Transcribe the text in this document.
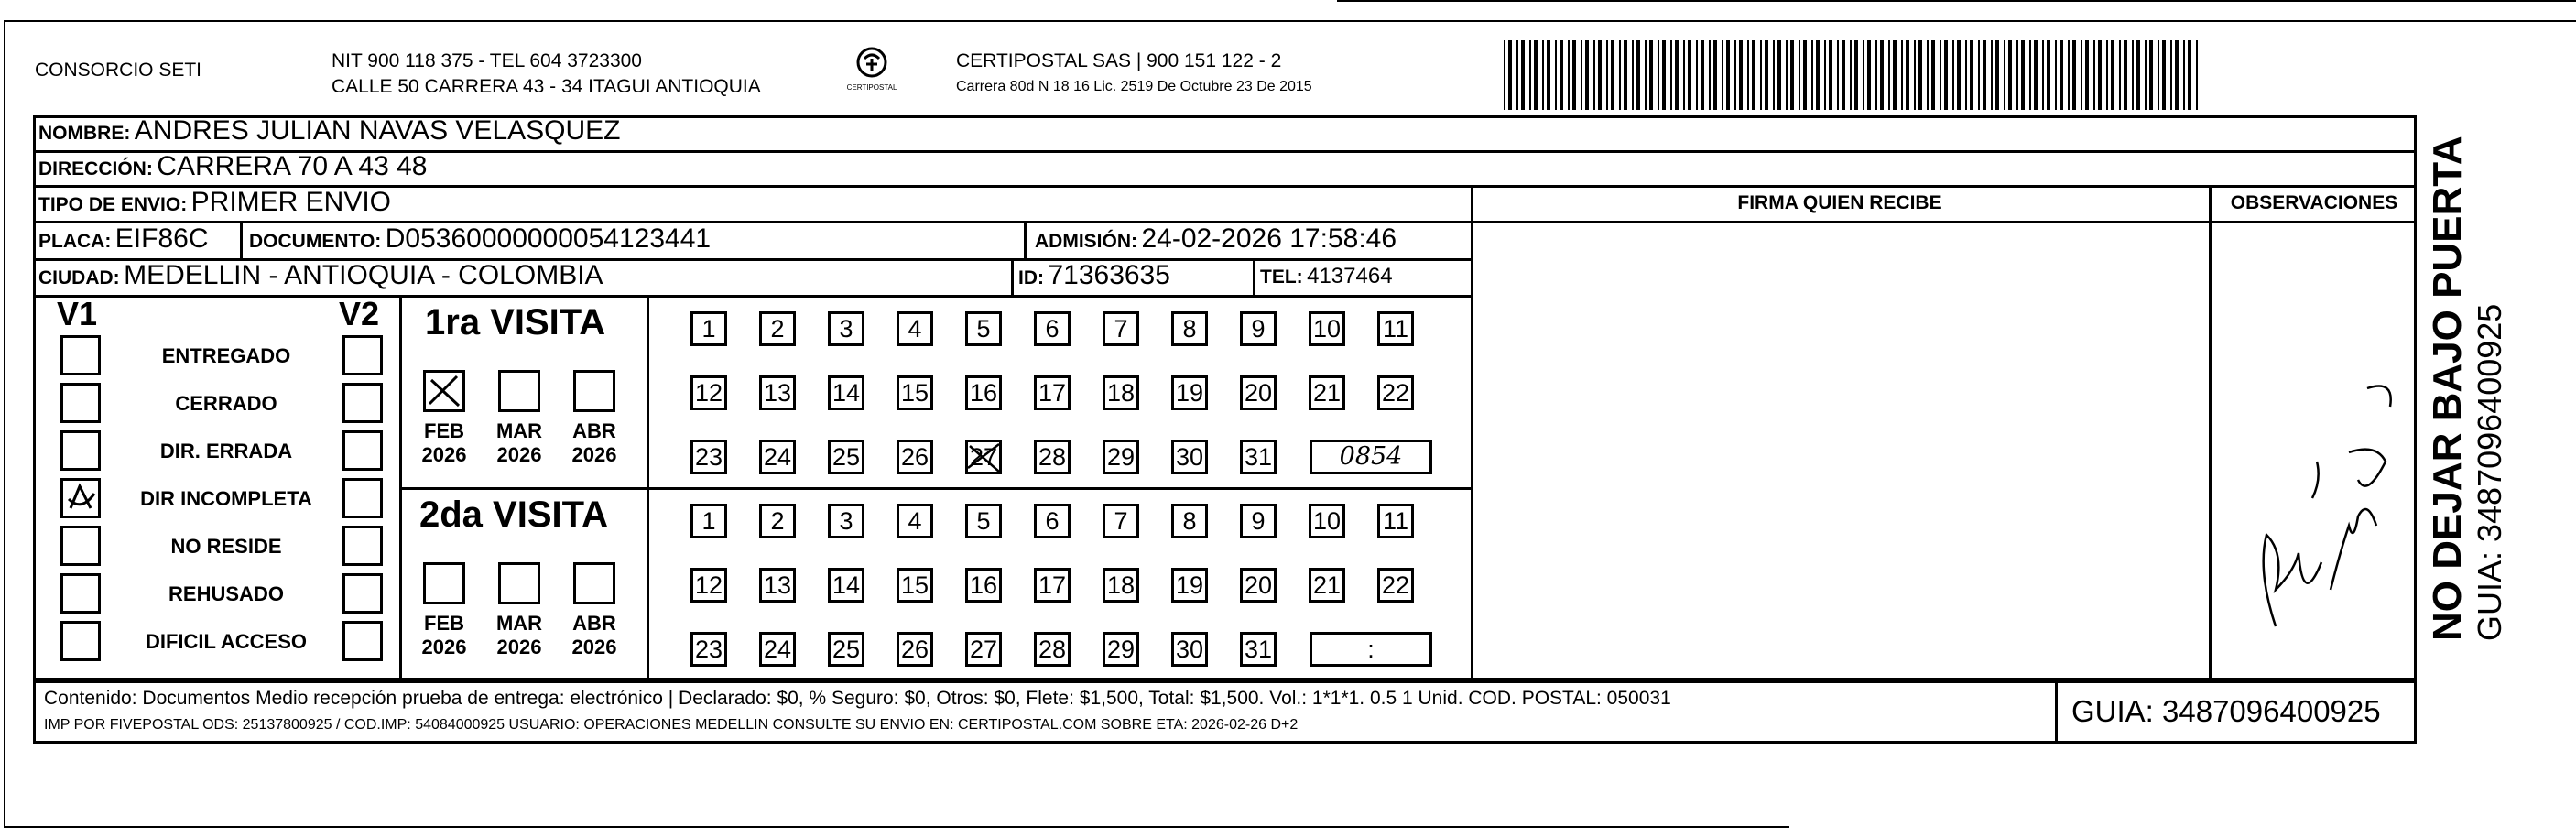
CONSORCIO SETI	NIT 900 118 375 - TEL 604 3723300
CALLE 50 CARRERA 43 - 34 ITAGUI ANTIOQUIA	CERTIPOSTAL
CERTIPOSTAL SAS | 900 151 122 - 2
Carrera 80d N 18 16 Lic. 2519 De Octubre 23 De 2015
NOMBRE: ANDRES JULIAN NAVAS VELASQUEZ
DIRECCIÓN: CARRERA 70 A 43 48
TIPO DE ENVIO: PRIMER ENVIO
PLACA: EIF86C DOCUMENTO: D05360000000054123441	ADMISIÓN: 24-02-2026 17:58:46
CIUDAD: MEDELLIN - ANTIOQUIA - COLOMBIA	ID: 71363635	TEL: 4137464
FIRMA QUIEN RECIBE	OBSERVACIONES
V1	V2
ENTREGADO
CERRADO
DIR. ERRADA
DIR INCOMPLETA
NO RESIDE
REHUSADO
DIFICIL ACCESO
1ra VISITA
2da VISITA
FEB
2026
MAR
2026
ABR
2026
1	2	3	4	5	6	7	8	9	10 11
12 13 14 15 16 17 18 19 20 21 22
23 24 25 26 27 28 29 30 31	0854
FEB
2026
MAR
2026
ABR
2026
1	2	3	4	5	6	7	8	9	10 11
12 13 14 15 16 17 18 19 20 21 22
23 24 25 26 27 28 29 30 31	:
Contenido: Documentos Medio recepción prueba de entrega: electrónico | Declarado: $0, % Seguro: $0, Otros: $0, Flete: $1,500, Total: $1,500. Vol.: 1*1*1. 0.5 1 Unid. COD. POSTAL: 050031
IMP POR FIVEPOSTAL ODS: 25137800925 / COD.IMP: 54084000925 USUARIO: OPERACIONES MEDELLIN CONSULTE SU ENVIO EN: CERTIPOSTAL.COM SOBRE ETA: 2026-02-26 D+2	GUIA: 3487096400925
NO DEJAR BAJO PUERTA GUIA: 3487096400925
